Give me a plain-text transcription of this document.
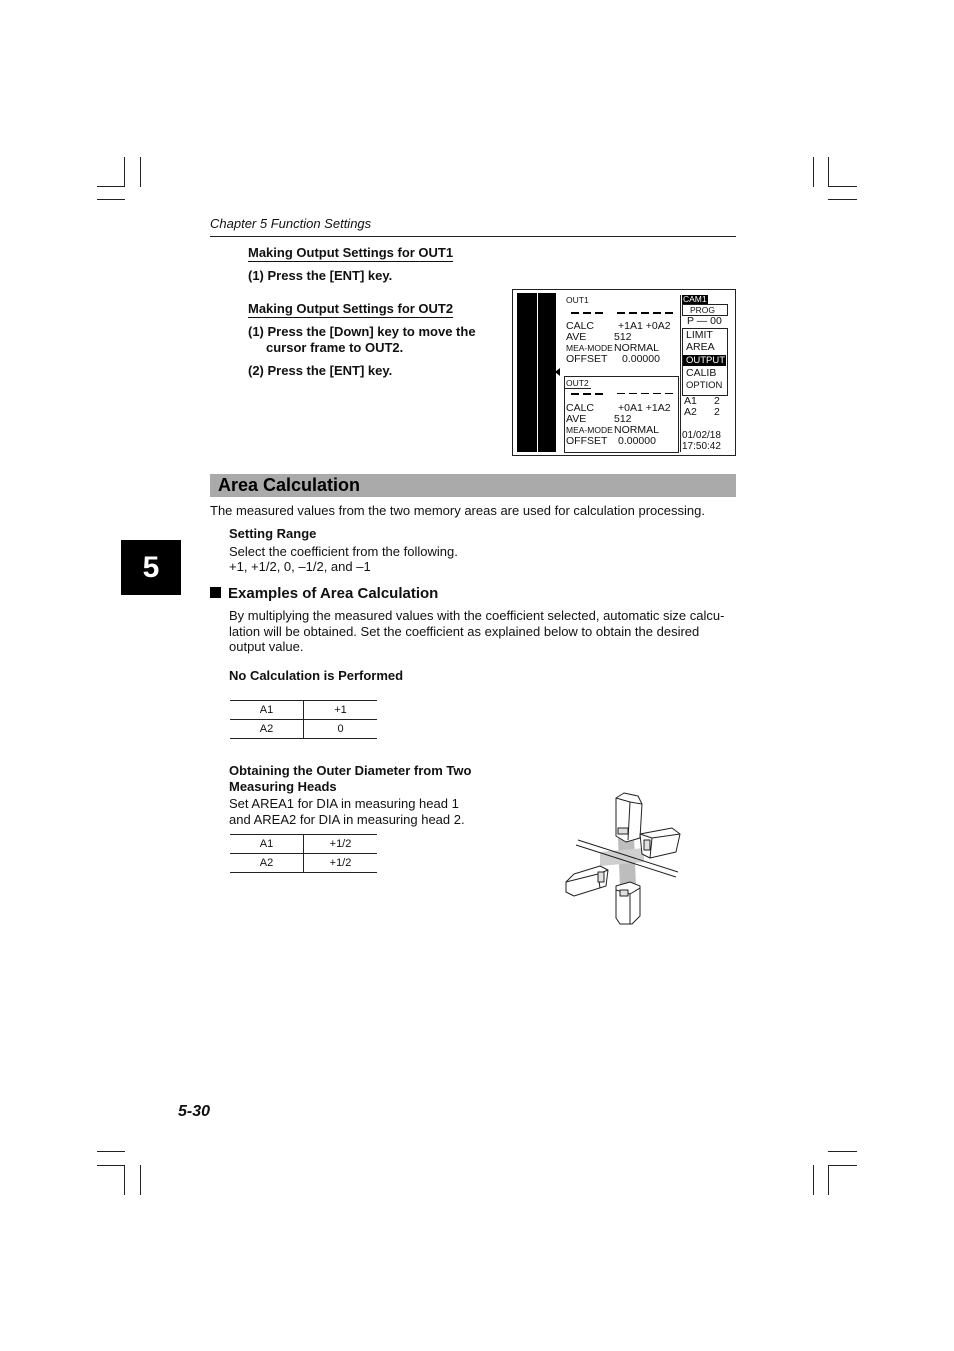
Chapter 5 Function Settings
Making Output Settings for OUT1
(1) Press the [ENT] key.
Making Output Settings for OUT2
(1) Press the [Down] key to move the
cursor frame to OUT2.
(2) Press the [ENT] key.
OUT1
CALC +1A1 +0A2
AVE	512
MEA-MODE NORMAL
OFFSET 0.00000
OUT2
CALC +0A1 +1A2
AVE	512
MEA-MODE NORMAL
OFFSET 0.00000
CAM1
PROG
P — 00
LIMIT
AREA
OUTPUT
CALIB
OPTION
A1 2
A2 2
01/02/18
17:50:42
Area Calculation
The measured values from the two memory areas are used for calculation processing.
5
Setting Range
Select the coefficient from the following.
+1, +1/2, 0, –1/2, and –1
Examples of Area Calculation
By multiplying the measured values with the coefficient selected, automatic size calcu-
lation will be obtained. Set the coefficient as explained below to obtain the desired
output value.
No Calculation is Performed
A1	+1
A2	0
Obtaining the Outer Diameter from Two
Measuring Heads
Set AREA1 for DIA in measuring head 1
and AREA2 for DIA in measuring head 2.
A1	+1/2
A2	+1/2
5-30
